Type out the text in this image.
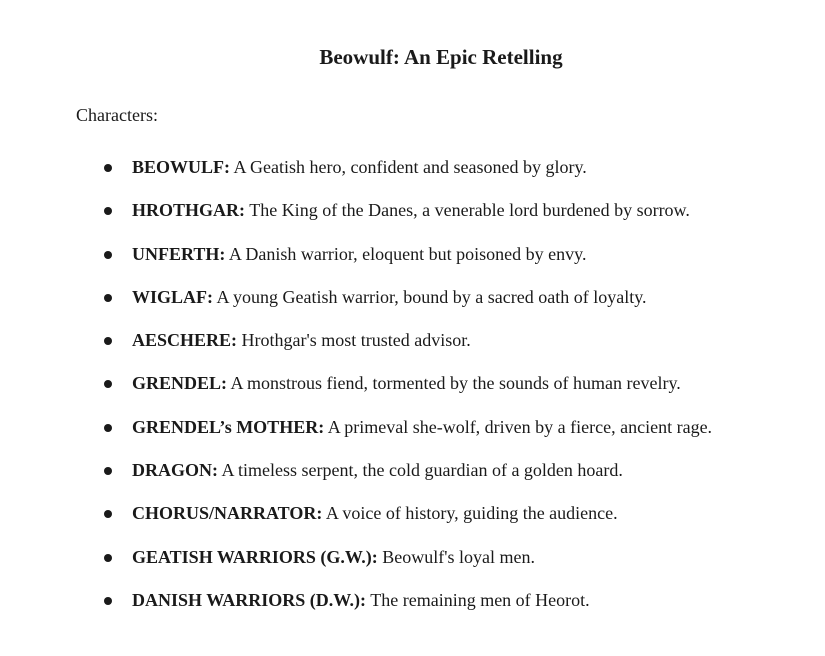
Beowulf: An Epic Retelling

Characters:

BEOWULF: A Geatish hero, confident and seasoned by glory.
HROTHGAR: The King of the Danes, a venerable lord burdened by sorrow.
UNFERTH: A Danish warrior, eloquent but poisoned by envy.
WIGLAF: A young Geatish warrior, bound by a sacred oath of loyalty.
AESCHERE: Hrothgar's most trusted advisor.
GRENDEL: A monstrous fiend, tormented by the sounds of human revelry.
GRENDEL’s MOTHER: A primeval she-wolf, driven by a fierce, ancient rage.
DRAGON: A timeless serpent, the cold guardian of a golden hoard.
CHORUS/NARRATOR: A voice of history, guiding the audience.
GEATISH WARRIORS (G.W.): Beowulf's loyal men.
DANISH WARRIORS (D.W.): The remaining men of Heorot.
